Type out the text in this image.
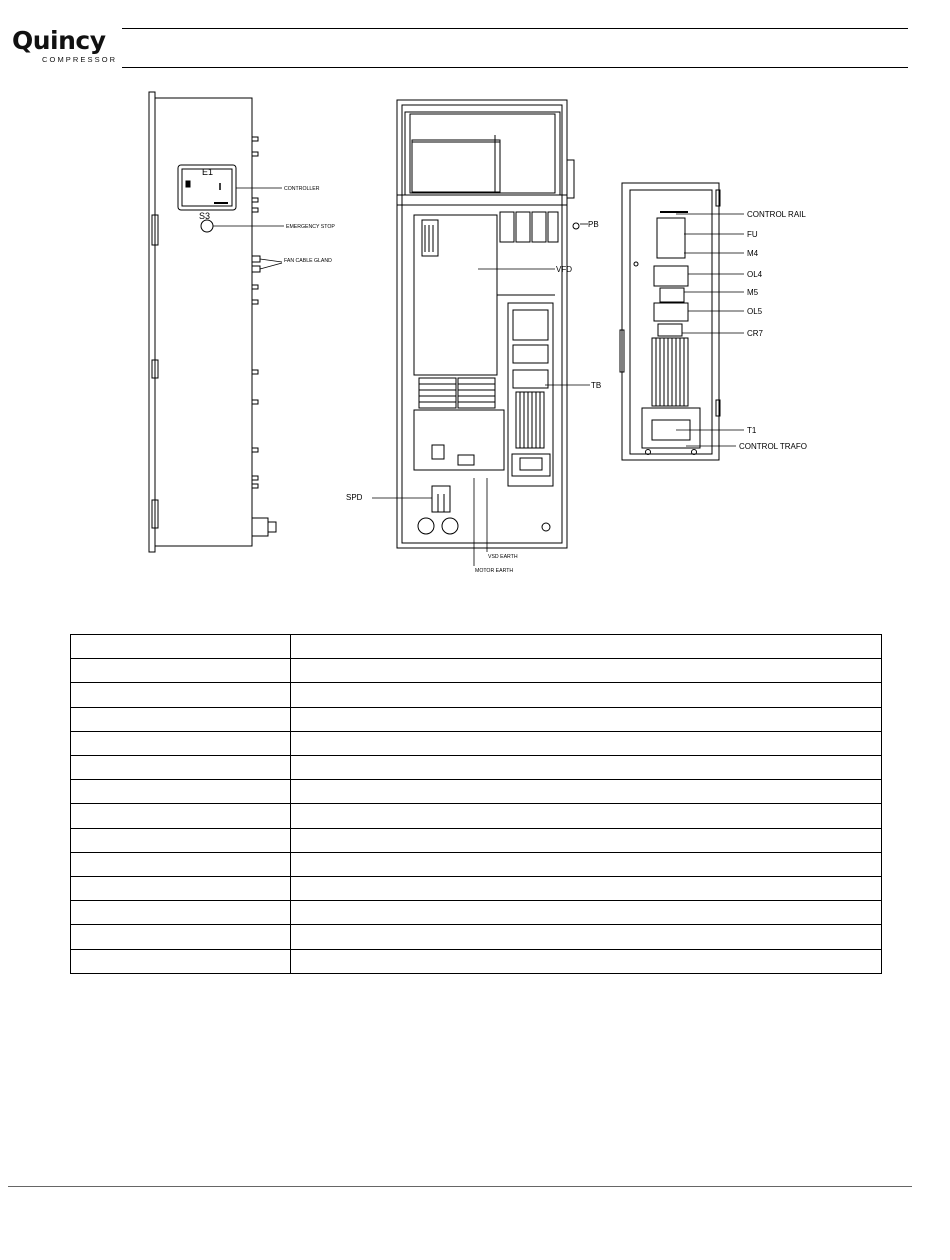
Quincy
COMPRESSOR
E1
S3
CONTROLLER
EMERGENCY STOP
FAN CABLE GLAND
PB
VFD
TB
SPD
VSD EARTH
MOTOR EARTH
CONTROL RAIL
FU
M4
OL4
M5
OL5
CR7
T1
CONTROL TRAFO
